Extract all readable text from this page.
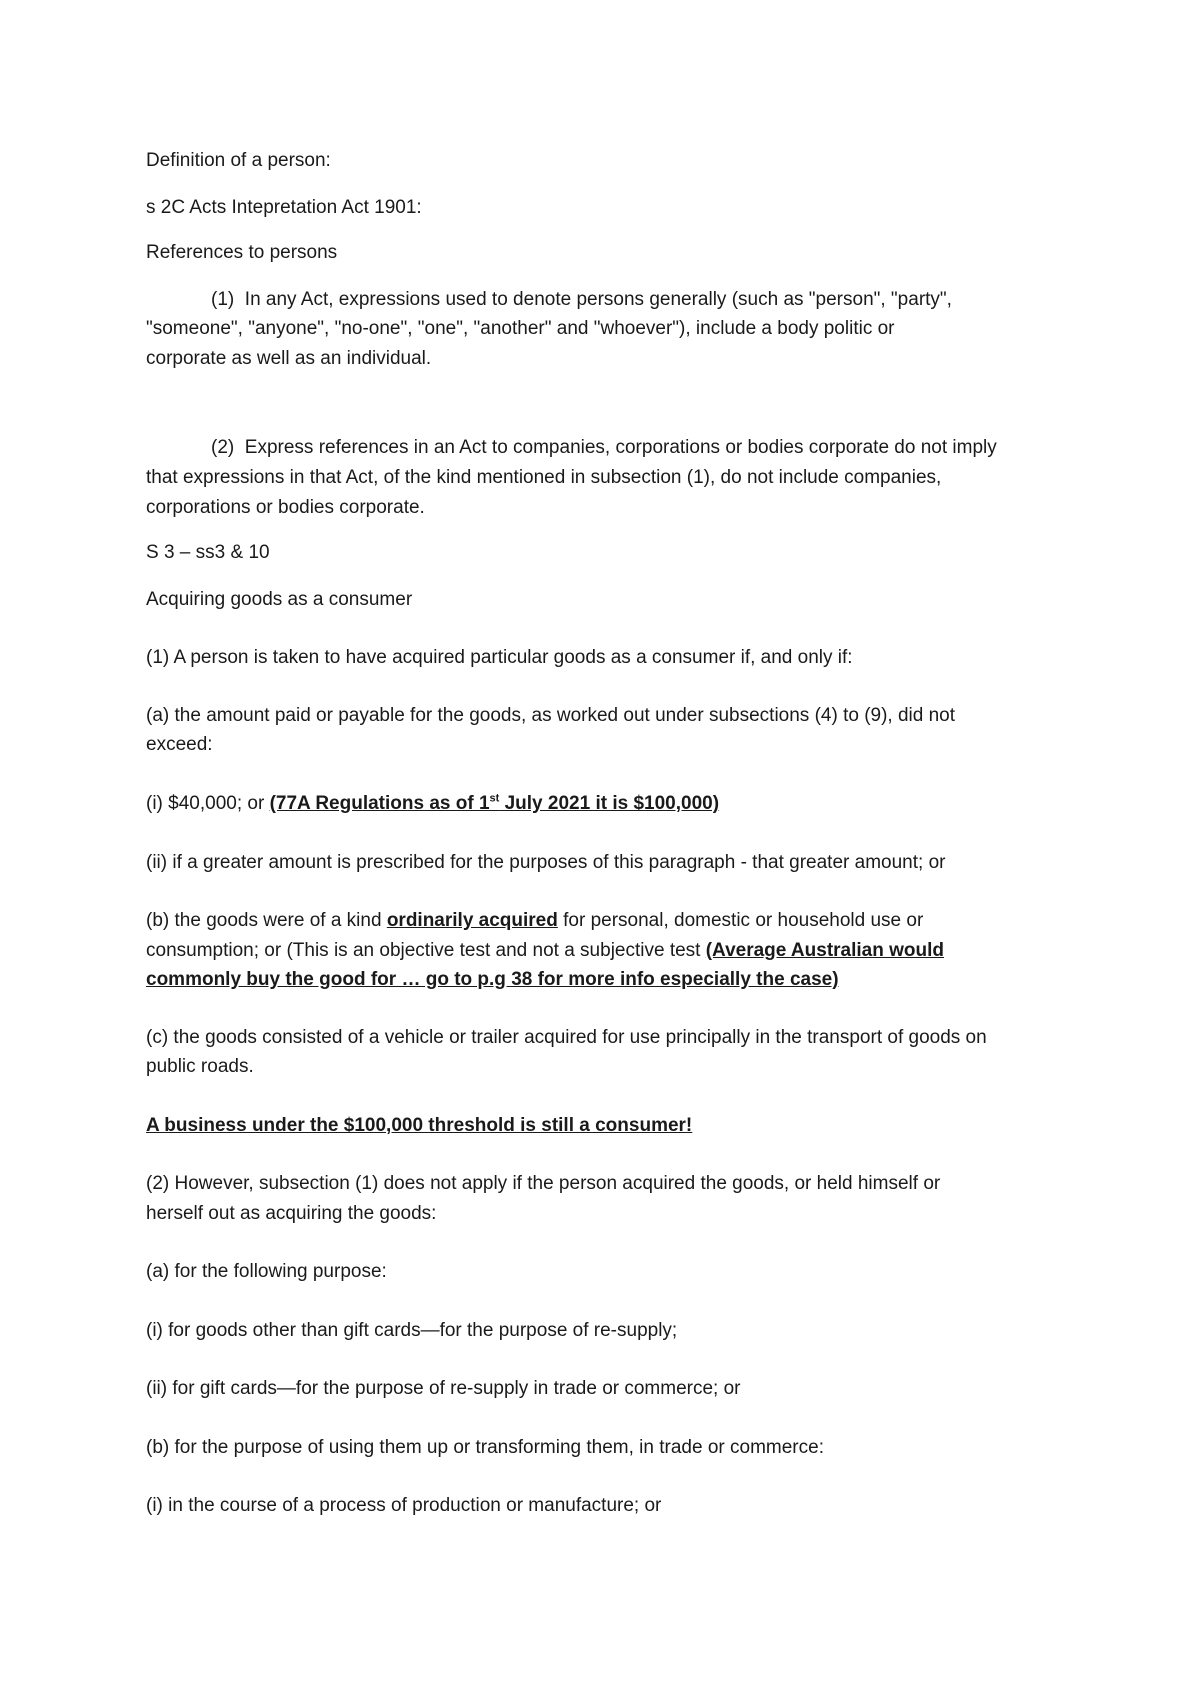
Definition of a person:

s 2C Acts Intepretation Act 1901:

References to persons

(1) In any Act, expressions used to denote persons generally (such as "person", "party",

"someone", "anyone", "no-one", "one", "another" and "whoever"), include a body politic or

corporate as well as an individual.

(2) Express references in an Act to companies, corporations or bodies corporate do not imply

that expressions in that Act, of the kind mentioned in subsection (1), do not include companies,

corporations or bodies corporate.

S 3 – ss3 & 10

Acquiring goods as a consumer

(1) A person is taken to have acquired particular goods as a consumer if, and only if:

(a) the amount paid or payable for the goods, as worked out under subsections (4) to (9), did not

exceed:

(i) $40,000; or (77A Regulations as of 1st July 2021 it is $100,000)

(ii) if a greater amount is prescribed for the purposes of this paragraph - that greater amount; or

(b) the goods were of a kind ordinarily acquired for personal, domestic or household use or

consumption; or (This is an objective test and not a subjective test (Average Australian would

commonly buy the good for … go to p.g 38 for more info especially the case)

(c) the goods consisted of a vehicle or trailer acquired for use principally in the transport of goods on

public roads.

A business under the $100,000 threshold is still a consumer!

(2) However, subsection (1) does not apply if the person acquired the goods, or held himself or

herself out as acquiring the goods:

(a) for the following purpose:

(i) for goods other than gift cards—for the purpose of re-supply;

(ii) for gift cards—for the purpose of re-supply in trade or commerce; or

(b) for the purpose of using them up or transforming them, in trade or commerce:

(i) in the course of a process of production or manufacture; or
